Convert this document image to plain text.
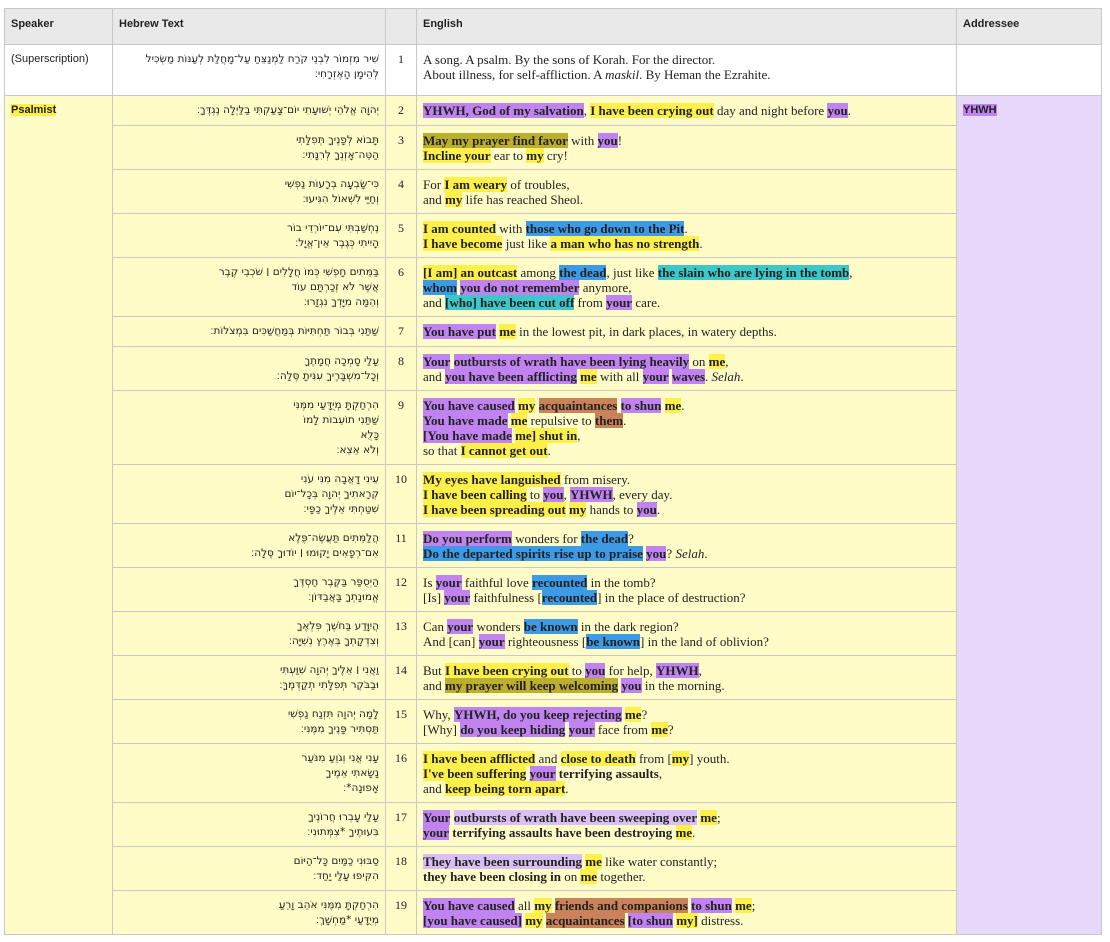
Speaker	Hebrew Text		English	Addressee
(Superscription)	שִׁיר מִזְמוֹר לִבְנֵי קֹרַח לַמְנַצֵּחַ עַל־מָחֲלַת לְעַנּוֹת מַשְׂכִּיל
לְהֵימָן הָאֶזְרָחִי׃	1	A song. A psalm. By the sons of Korah. For the director.
About illness, for self-affliction. A maskil. By Heman the Ezrahite.	

Psalmist	יְהוָה אֱלֹהֵי יְשׁוּעָתִי יוֹם־צָעַקְתִּי בַלַּיְלָה נֶגְדֶּךָ׃	2	YHWH, God of my salvation, I have been crying out day and night before you.	YHWH

	תָּבוֹא לְפָנֶיךָ תְּפִלָּתִי
הַטֵּה־אָזְנְךָ לְרִנָּתִי׃	3	May my prayer find favor with you!
Incline your ear to my cry!	

	כִּי־שָׂבְעָה בְרָעוֹת נַפְשִׁי
וְחַיַּי לִשְׁאוֹל הִגִּיעוּ׃	4	For I am weary of troubles,
and my life has reached Sheol.	

	נֶחְשַׁבְתִּי עִם־יוֹרְדֵי בוֹר
הָיִיתִי כְּגֶבֶר אֵין־אֱיָל׃	5	I am counted with those who go down to the Pit.
I have become just like a man who has no strength.	

	בַּמֵּתִים חָפְשִׁי כְּמוֹ חֲלָלִים ׀ שֹׁכְבֵי קֶבֶר
אֲשֶׁר לֹא זְכַרְתָּם עוֹד
וְהֵמָּה מִיָּדְךָ נִגְזָרוּ׃	6	[I am] an outcast among the dead, just like the slain who are lying in the tomb,
whom you do not remember anymore,
and [who] have been cut off from your care.	

	שַׁתַּנִי בְּבוֹר תַּחְתִּיּוֹת בְּמַחֲשַׁכִּים בִּמְצֹלוֹת׃	7	You have put me in the lowest pit, in dark places, in watery depths.	

	עָלַי סָמְכָה חֲמָתֶךָ
וְכָל־מִשְׁבָּרֶיךָ עִנִּיתָ סֶּלָה׃	8	Your outbursts of wrath have been lying heavily on me,
and you have been afflicting me with all your waves. Selah.	

	הִרְחַקְתָּ מְיֻדָּעַי מִמֶּנִּי
שַׁתַּנִי תוֹעֵבוֹת לָמוֹ
כָּלֻא
וְלֹא אֵצֵא׃	9	You have caused my acquaintances to shun me.
You have made me repulsive to them.
[You have made me] shut in,
so that I cannot get out.	

	עֵינִי דָאֲבָה מִנִּי עֹנִי
קְרָאתִיךָ יְהוָה בְּכָל־יוֹם
שִׁטַּחְתִּי אֵלֶיךָ כַפָּי׃	10	My eyes have languished from misery.
I have been calling to you, YHWH, every day.
I have been spreading out my hands to you.	

	הֲלַמֵּתִים תַּעֲשֶׂה־פֶּלֶא
אִם־רְפָאִים יָקוּמוּ ׀ יוֹדוּךָ סֶּלָה׃	11	Do you perform wonders for the dead?
Do the departed spirits rise up to praise you? Selah.	

	הַיְסֻפַּר בַּקֶּבֶר חַסְדֶּךָ
אֱמוּנָתְךָ בָּאֲבַדּוֹן׃	12	Is your faithful love recounted in the tomb?
[Is] your faithfulness [recounted] in the place of destruction?	

	הֲיִוָּדַע בַּחֹשֶׁךְ פִּלְאֶךָ
וְצִדְקָתְךָ בְּאֶרֶץ נְשִׁיָּה׃	13	Can your wonders be known in the dark region?
And [can] your righteousness [be known] in the land of oblivion?	

	וַאֲנִי ׀ אֵלֶיךָ יְהוָה שִׁוַּעְתִּי
וּבַבֹּקֶר תְּפִלָּתִי תְקַדְּמֶךָּ׃	14	But I have been crying out to you for help, YHWH,
and my prayer will keep welcoming you in the morning.	

	לָמָה יְהוָה תִּזְנַח נַפְשִׁי
תַּסְתִּיר פָּנֶיךָ מִמֶּנִּי׃	15	Why, YHWH, do you keep rejecting me?
[Why] do you keep hiding your face from me?	

	עָנִי אֲנִי וְגֹוֵעַ מִנֹּעַר
נָשָׂאתִי אֵמֶיךָ
אָפוּנָה*׃	16	I have been afflicted and close to death from [my] youth.
I've been suffering your terrifying assaults,
and keep being torn apart.	

	עָלַי עָבְרוּ חֲרוֹנֶיךָ
בִּעוּתֶיךָ *צִמְּתוּנִי׃	17	Your outbursts of wrath have been sweeping over me;
your terrifying assaults have been destroying me.	

	סַבּוּנִי כַמַּיִם כָּל־הַיּוֹם
הִקִּיפוּ עָלַי יָחַד׃	18	They have been surrounding me like water constantly;
they have been closing in on me together.	

	הִרְחַקְתָּ מִמֶּנִּי אֹהֵב וָרֵעַ
מְיֻדָּעַי *מַחְשָׁךְ׃	19	You have caused all my friends and companions to shun me;
[you have caused] my acquaintances [to shun my] distress.	
